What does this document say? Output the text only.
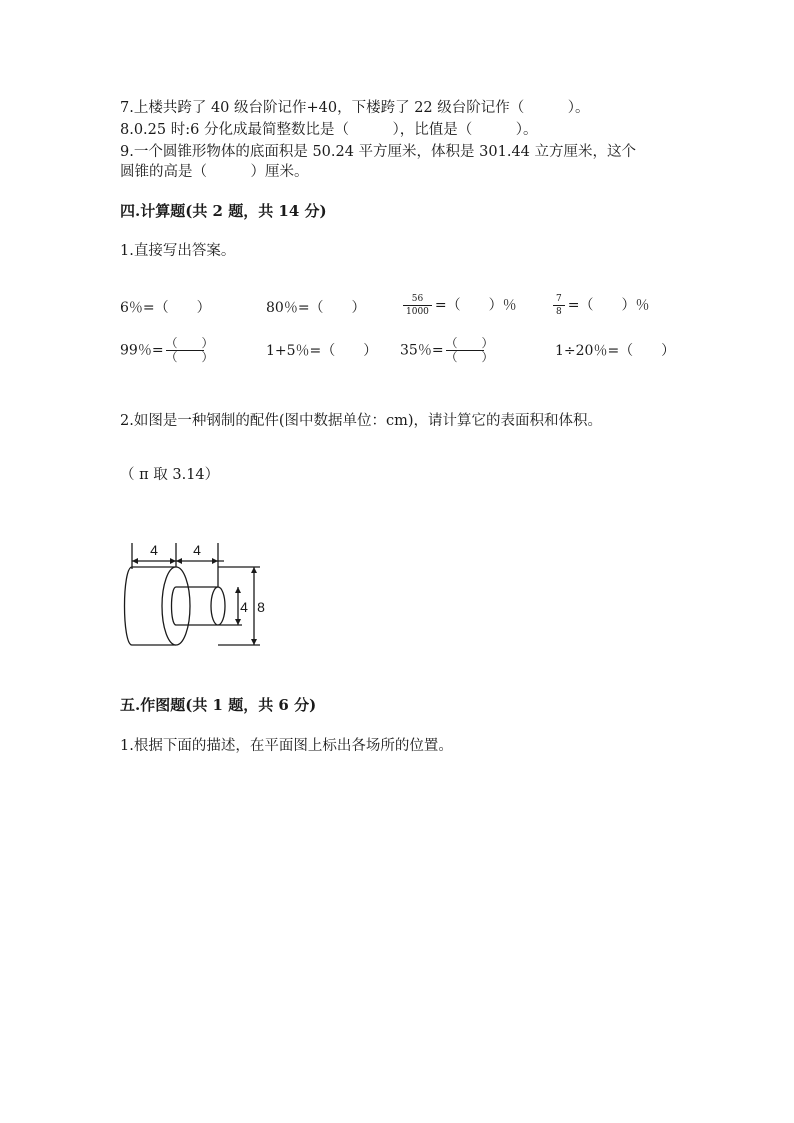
7.上楼共跨了 40 级台阶记作+40，下楼跨了 22 级台阶记作（　　　）。
8.0.25 时:6 分化成最简整数比是（　　　），比值是（　　　）。
9.一个圆锥形物体的底面积是 50.24 平方厘米，体积是 301.44 立方厘米，这个
圆锥的高是（　　　）厘米。
四.计算题(共 2 题，共 14 分)
1.直接写出答案。
6％=（　　）	80％=（　　）	$\frac{56}{1000}$ =（　　）％	$\frac{7}{8}$ =（　　）％
99％= $\frac{( )}{( )}$	1+5％=（　　） 35％= $\frac{( )}{( )}$	1÷20％=（　　）
2.如图是一种钢制的配件(图中数据单位：cm)，请计算它的表面积和体积。
（ π 取 3.14）
4	4
4 8
五.作图题(共 1 题，共 6 分)
1.根据下面的描述，在平面图上标出各场所的位置。
